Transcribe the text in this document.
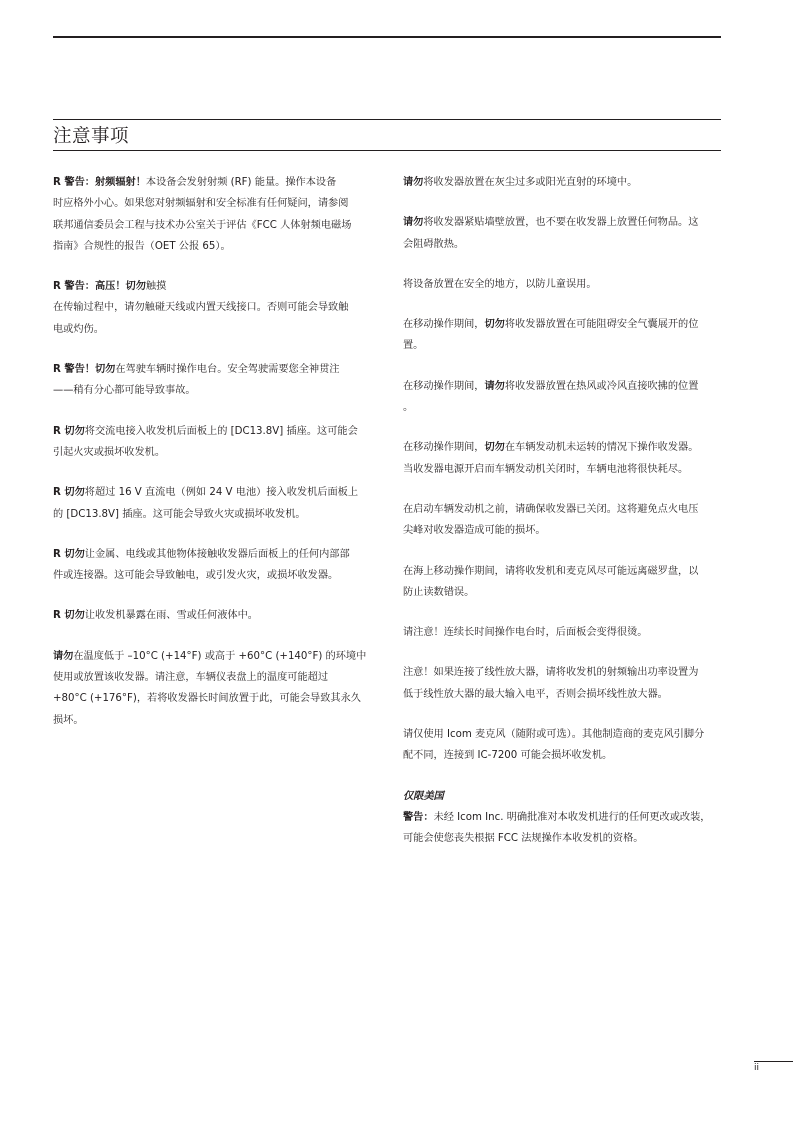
注意事项

R 警告：射频辐射！本设备会发射射频 (RF) 能量。操作本设备
时应格外小心。如果您对射频辐射和安全标准有任何疑问，请参阅
联邦通信委员会工程与技术办公室关于评估《FCC 人体射频电磁场
指南》合规性的报告（OET 公报 65）。

R 警告：高压！切勿触摸
在传输过程中，请勿触碰天线或内置天线接口。否则可能会导致触
电或灼伤。

R 警告！切勿在驾驶车辆时操作电台。安全驾驶需要您全神贯注
——稍有分心都可能导致事故。

R 切勿将交流电接入收发机后面板上的 [DC13.8V] 插座。这可能会
引起火灾或损坏收发机。

R 切勿将超过 16 V 直流电（例如 24 V 电池）接入收发机后面板上
的 [DC13.8V] 插座。这可能会导致火灾或损坏收发机。

R 切勿让金属、电线或其他物体接触收发器后面板上的任何内部部
件或连接器。这可能会导致触电，或引发火灾，或损坏收发器。

R 切勿让收发机暴露在雨、雪或任何液体中。

请勿在温度低于 –10°C (+14°F) 或高于 +60°C (+140°F) 的环境中
使用或放置该收发器。请注意，车辆仪表盘上的温度可能超过
+80°C (+176°F)，若将收发器长时间放置于此，可能会导致其永久
损坏。

请勿将收发器放置在灰尘过多或阳光直射的环境中。

请勿将收发器紧贴墙壁放置，也不要在收发器上放置任何物品。这
会阻碍散热。

将设备放置在安全的地方，以防儿童误用。

在移动操作期间，切勿将收发器放置在可能阻碍安全气囊展开的位
置。

在移动操作期间，请勿将收发器放置在热风或冷风直接吹拂的位置
。

在移动操作期间，切勿在车辆发动机未运转的情况下操作收发器。
当收发器电源开启而车辆发动机关闭时，车辆电池将很快耗尽。

在启动车辆发动机之前，请确保收发器已关闭。这将避免点火电压
尖峰对收发器造成可能的损坏。

在海上移动操作期间，请将收发机和麦克风尽可能远离磁罗盘，以
防止读数错误。

请注意！连续长时间操作电台时，后面板会变得很烫。

注意！如果连接了线性放大器，请将收发机的射频输出功率设置为
低于线性放大器的最大输入电平，否则会损坏线性放大器。

请仅使用 Icom 麦克风（随附或可选）。其他制造商的麦克风引脚分
配不同，连接到 IC-7200 可能会损坏收发机。

仅限美国
警告：未经 Icom Inc. 明确批准对本收发机进行的任何更改或改装，
可能会使您丧失根据 FCC 法规操作本收发机的资格。

ii
